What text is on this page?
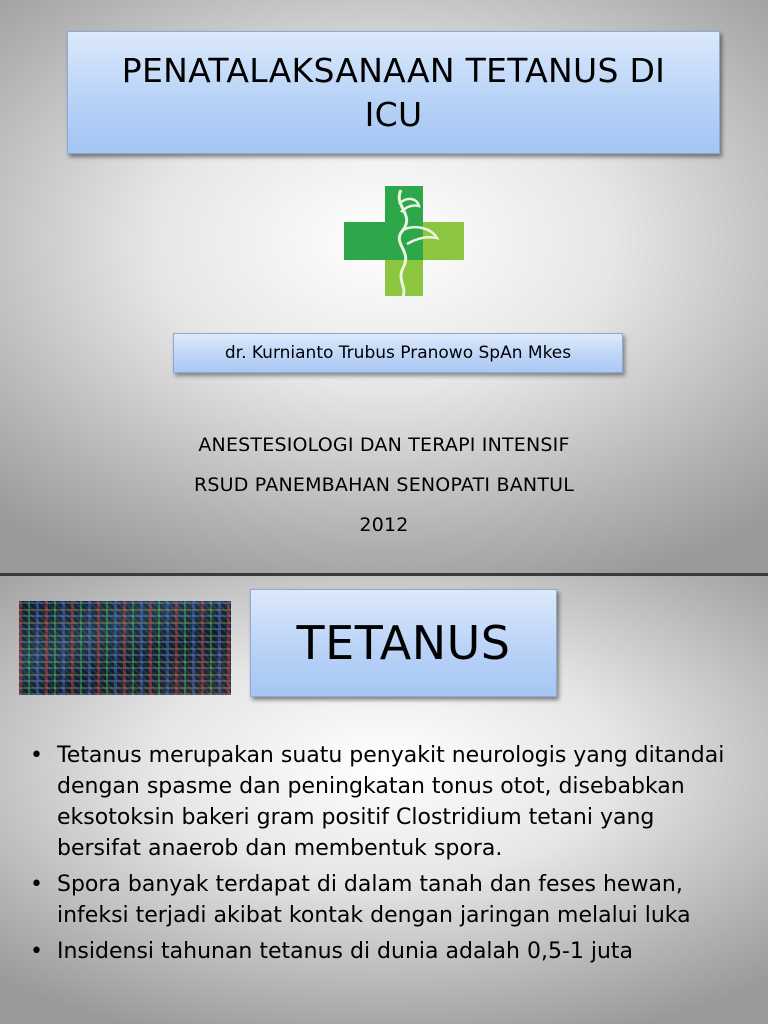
PENATALAKSANAAN TETANUS DI ICU
dr. Kurnianto Trubus Pranowo SpAn Mkes
ANESTESIOLOGI DAN TERAPI INTENSIF
RSUD PANEMBAHAN SENOPATI BANTUL
2012
TETANUS
• Tetanus merupakan suatu penyakit neurologis yang ditandai dengan spasme dan peningkatan tonus otot, disebabkan eksotoksin bakeri gram positif Clostridium tetani yang bersifat anaerob dan membentuk spora.
• Spora banyak terdapat di dalam tanah dan feses hewan, infeksi terjadi akibat kontak dengan jaringan melalui luka
• Insidensi tahunan tetanus di dunia adalah 0,5-1 juta
